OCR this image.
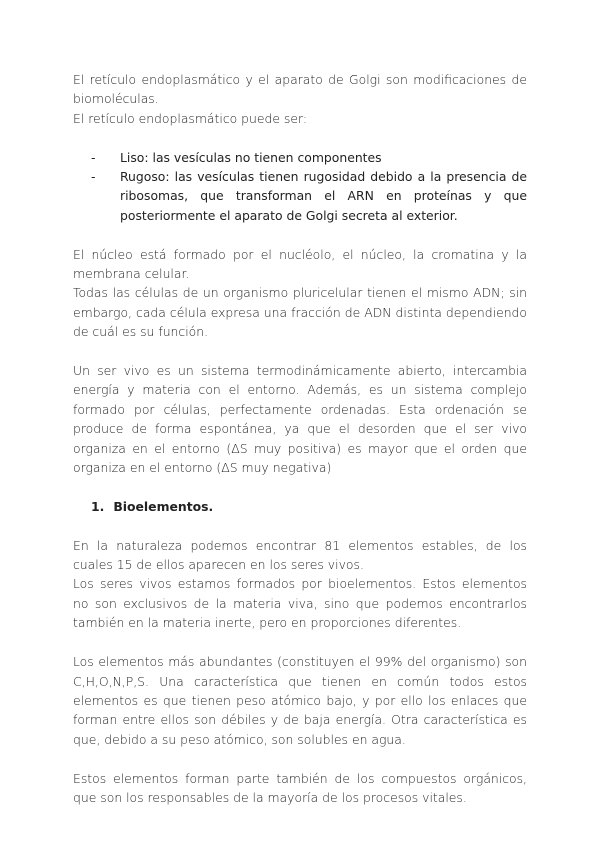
El retículo endoplasmático y el aparato de Golgi son modificaciones de biomoléculas.

El retículo endoplasmático puede ser:

- Liso: las vesículas no tienen componentes
- Rugoso: las vesículas tienen rugosidad debido a la presencia de ribosomas, que transforman el ARN en proteínas y que posteriormente el aparato de Golgi secreta al exterior.

El núcleo está formado por el nucléolo, el núcleo, la cromatina y la membrana celular.

Todas las células de un organismo pluricelular tienen el mismo ADN; sin embargo, cada célula expresa una fracción de ADN distinta dependiendo de cuál es su función.

Un ser vivo es un sistema termodinámicamente abierto, intercambia energía y materia con el entorno. Además, es un sistema complejo formado por células, perfectamente ordenadas. Esta ordenación se produce de forma espontánea, ya que el desorden que el ser vivo organiza en el entorno (ΔS muy positiva) es mayor que el orden que organiza en el entorno (ΔS muy negativa)

1. Bioelementos.

En la naturaleza podemos encontrar 81 elementos estables, de los cuales 15 de ellos aparecen en los seres vivos.

Los seres vivos estamos formados por bioelementos. Estos elementos no son exclusivos de la materia viva, sino que podemos encontrarlos también en la materia inerte, pero en proporciones diferentes.

Los elementos más abundantes (constituyen el 99% del organismo) son C,H,O,N,P,S. Una característica que tienen en común todos estos elementos es que tienen peso atómico bajo, y por ello los enlaces que forman entre ellos son débiles y de baja energía. Otra característica es que, debido a su peso atómico, son solubles en agua.

Estos elementos forman parte también de los compuestos orgánicos, que son los responsables de la mayoría de los procesos vitales.
